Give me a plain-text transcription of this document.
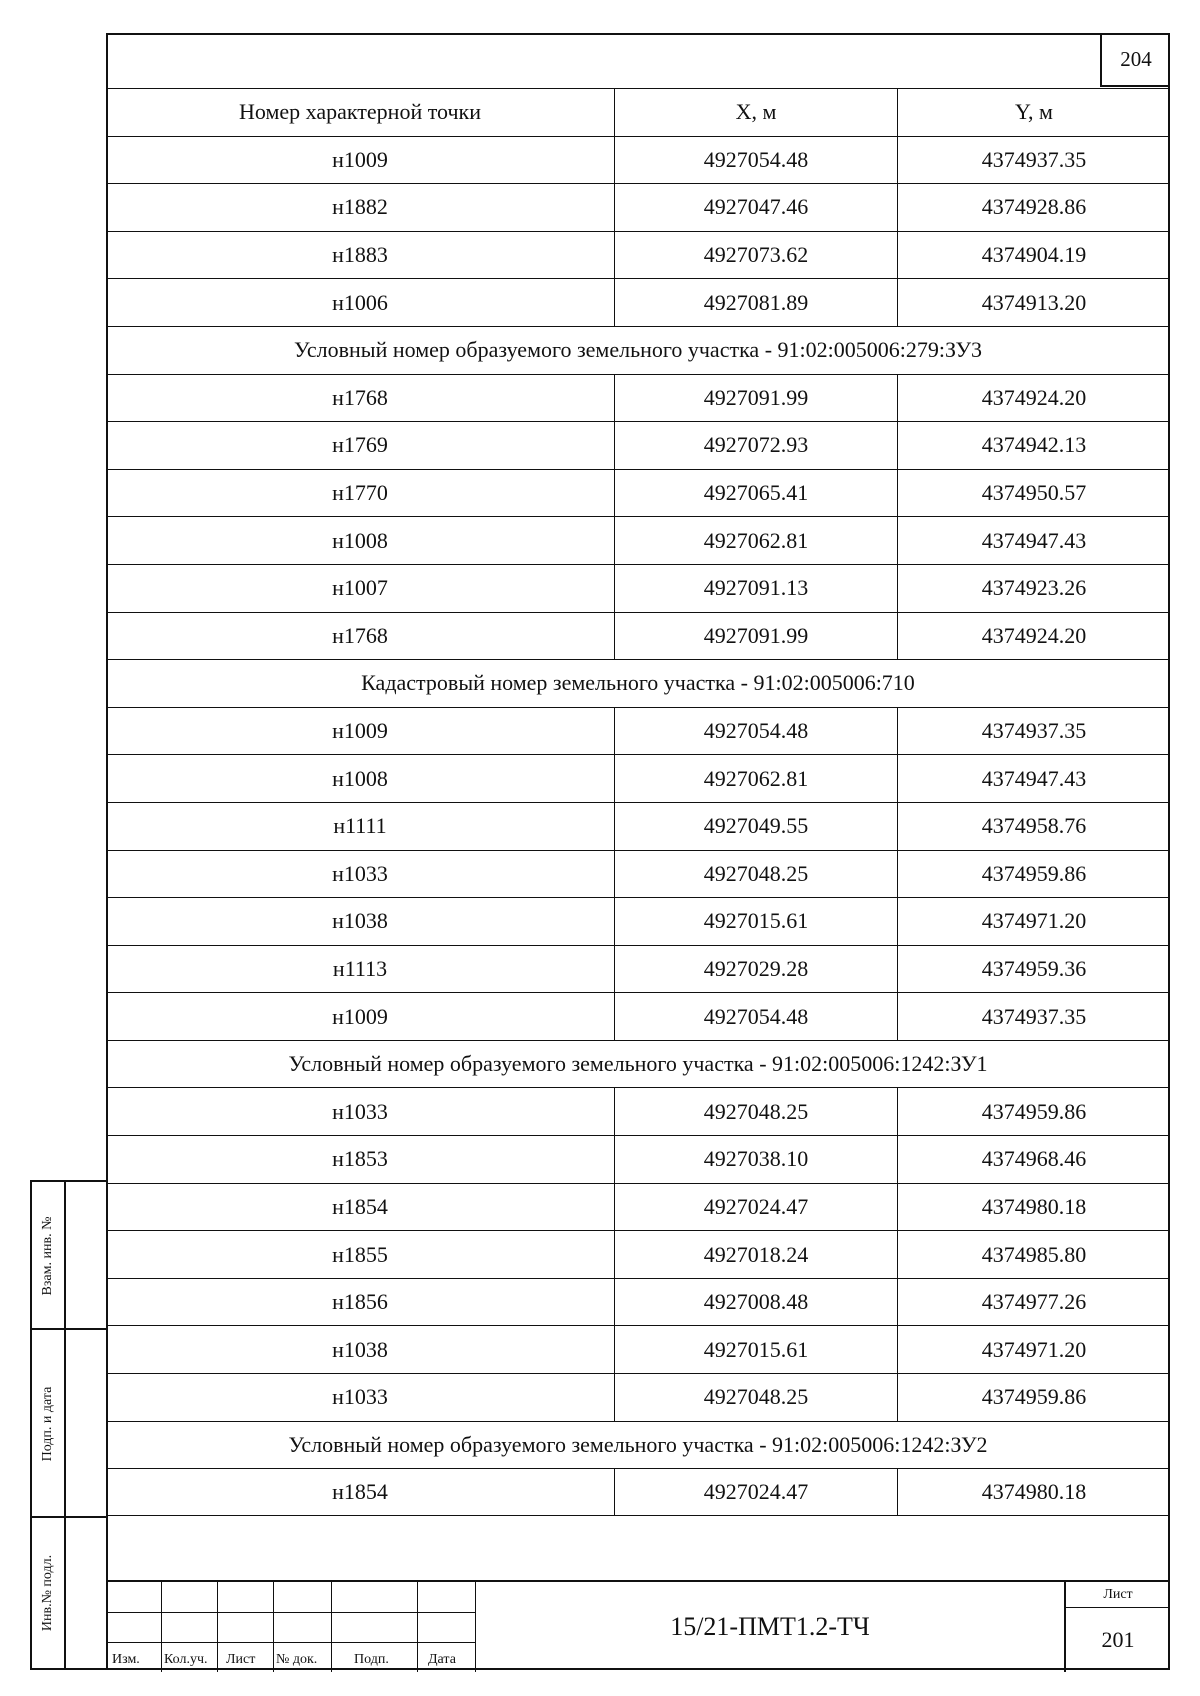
204
Номер характерной точки	X, м	Y, м
н1009	4927054.48	4374937.35
н1882	4927047.46	4374928.86
н1883	4927073.62	4374904.19
н1006	4927081.89	4374913.20
Условный номер образуемого земельного участка - 91:02:005006:279:ЗУ3
н1768	4927091.99	4374924.20
н1769	4927072.93	4374942.13
н1770	4927065.41	4374950.57
н1008	4927062.81	4374947.43
н1007	4927091.13	4374923.26
н1768	4927091.99	4374924.20
Кадастровый номер земельного участка - 91:02:005006:710
н1009	4927054.48	4374937.35
н1008	4927062.81	4374947.43
н1111	4927049.55	4374958.76
н1033	4927048.25	4374959.86
н1038	4927015.61	4374971.20
н1113	4927029.28	4374959.36
н1009	4927054.48	4374937.35
Условный номер образуемого земельного участка - 91:02:005006:1242:ЗУ1
н1033	4927048.25	4374959.86
н1853	4927038.10	4374968.46
н1854	4927024.47	4374980.18
н1855	4927018.24	4374985.80
н1856	4927008.48	4374977.26
н1038	4927015.61	4374971.20
н1033	4927048.25	4374959.86
Условный номер образуемого земельного участка - 91:02:005006:1242:ЗУ2
н1854	4927024.47	4374980.18
Взам. инв. №
Подп. и дата
Инв.№ подл.
Изм. Кол.уч. Лист № док.	Подп.	Дата
15/21-ПМТ1.2-ТЧ
Лист
201
